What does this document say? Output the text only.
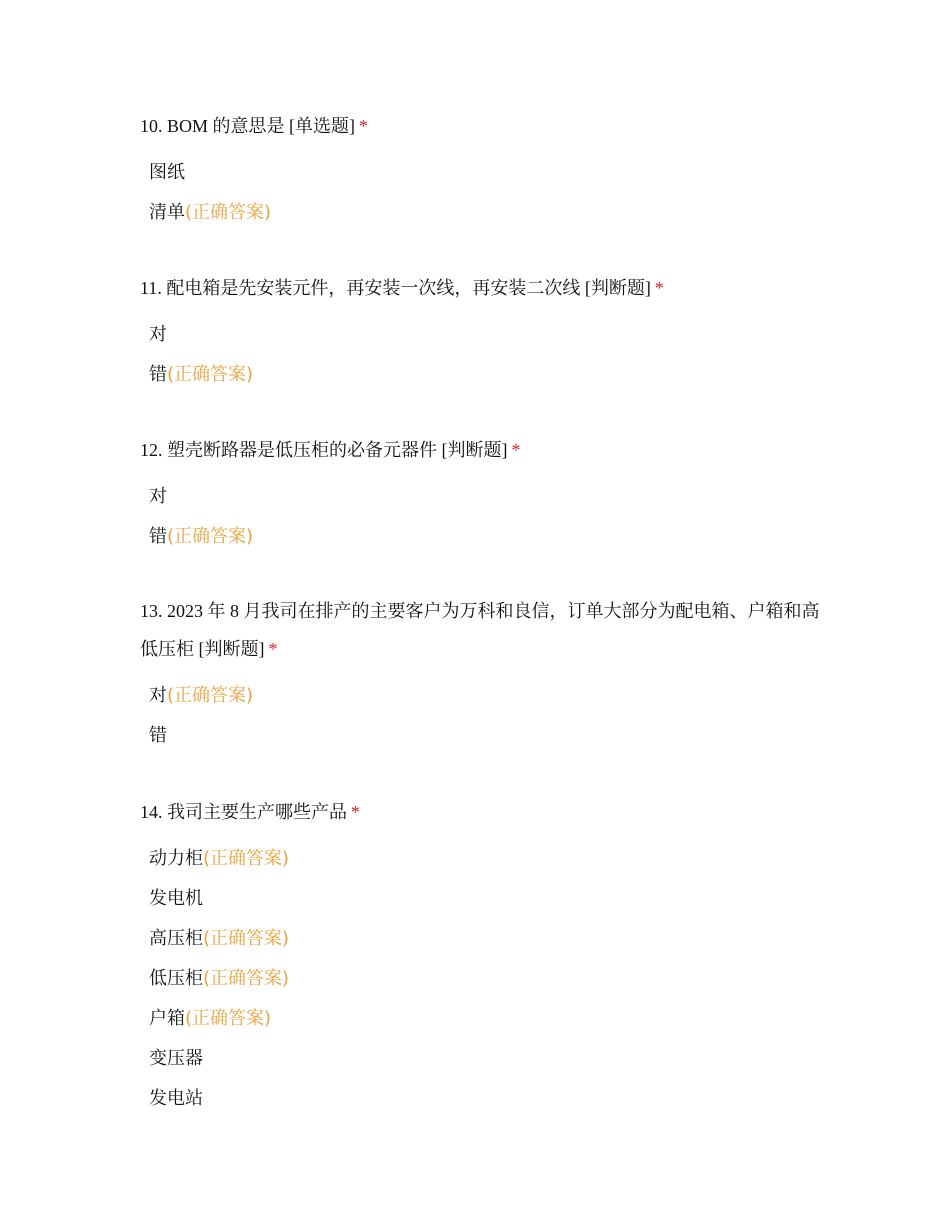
10. BOM 的意思是 [单选题] *

图纸
清单(正确答案)

11. 配电箱是先安装元件，再安装一次线，再安装二次线 [判断题] *

对
错(正确答案)

12. 塑壳断路器是低压柜的必备元器件 [判断题] *

对
错(正确答案)

13. 2023 年 8 月我司在排产的主要客户为万科和良信，订单大部分为配电箱、户箱和高低压柜 [判断题] *

对(正确答案)
错

14. 我司主要生产哪些产品 *

动力柜(正确答案)
发电机
高压柜(正确答案)
低压柜(正确答案)
户箱(正确答案)
变压器
发电站
